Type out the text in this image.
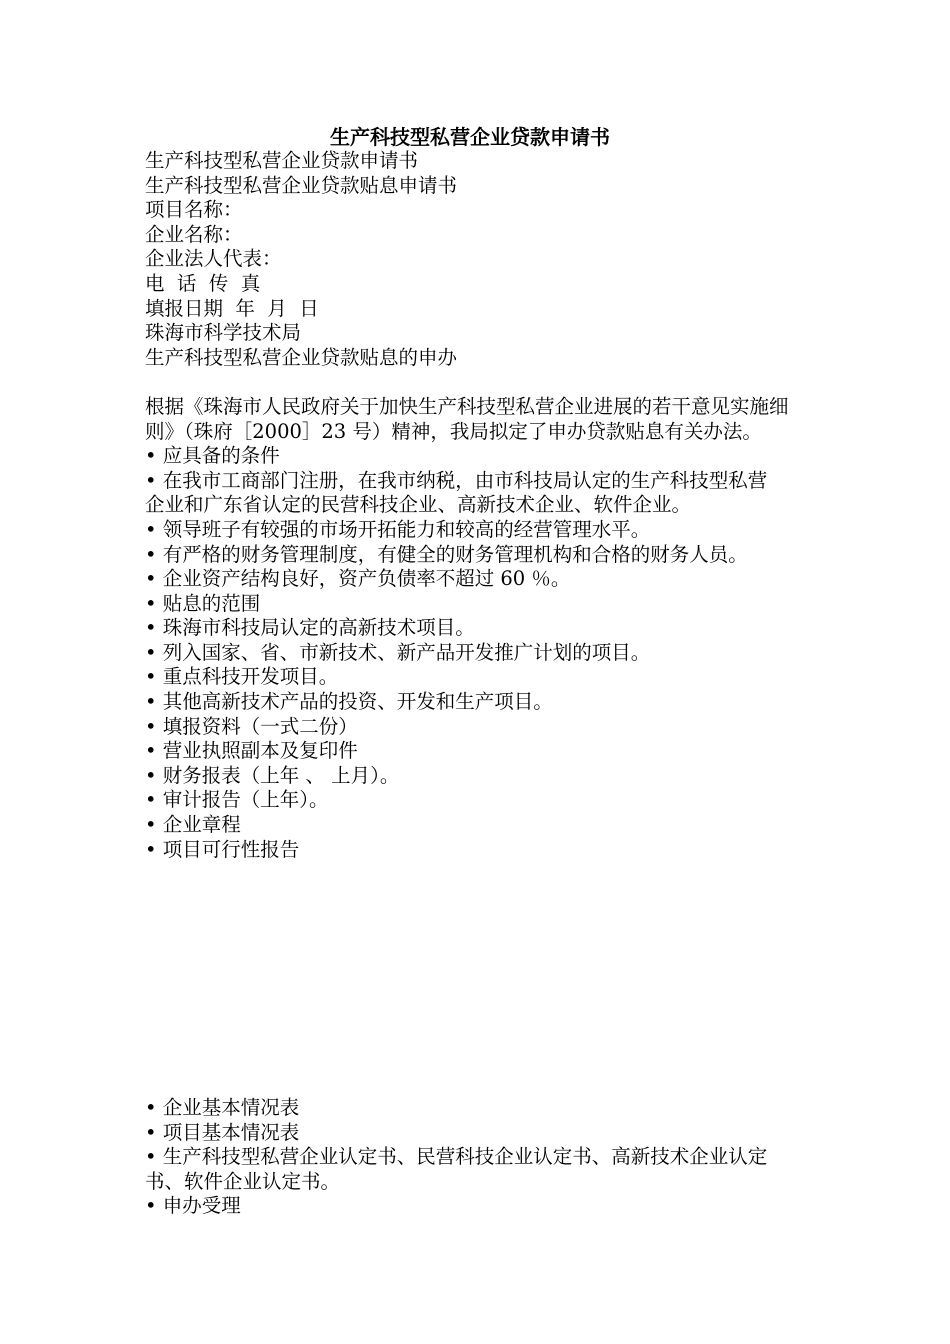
生产科技型私营企业贷款申请书
生产科技型私营企业贷款申请书
生产科技型私营企业贷款贴息申请书
项目名称：
企业名称：
企业法人代表：
电  话  传  真
填报日期  年  月  日
珠海市科学技术局
生产科技型私营企业贷款贴息的申办
根据《珠海市人民政府关于加快生产科技型私营企业进展的若干意见实施细则》（珠府［2000］23 号）精神，我局拟定了申办贷款贴息有关办法。
• 应具备的条件
• 在我市工商部门注册，在我市纳税，由市科技局认定的生产科技型私营
企业和广东省认定的民营科技企业、高新技术企业、软件企业。
• 领导班子有较强的市场开拓能力和较高的经营管理水平。
• 有严格的财务管理制度，有健全的财务管理机构和合格的财务人员。
• 企业资产结构良好，资产负债率不超过 60 ％。
• 贴息的范围
• 珠海市科技局认定的高新技术项目。
• 列入国家、省、市新技术、新产品开发推广计划的项目。
• 重点科技开发项目。
• 其他高新技术产品的投资、开发和生产项目。
• 填报资料（一式二份）
• 营业执照副本及复印件
• 财务报表（上年 、 上月）。
• 审计报告（上年）。
• 企业章程
• 项目可行性报告
• 企业基本情况表
• 项目基本情况表
• 生产科技型私营企业认定书、民营科技企业认定书、高新技术企业认定书、软件企业认定书。
• 申办受理
